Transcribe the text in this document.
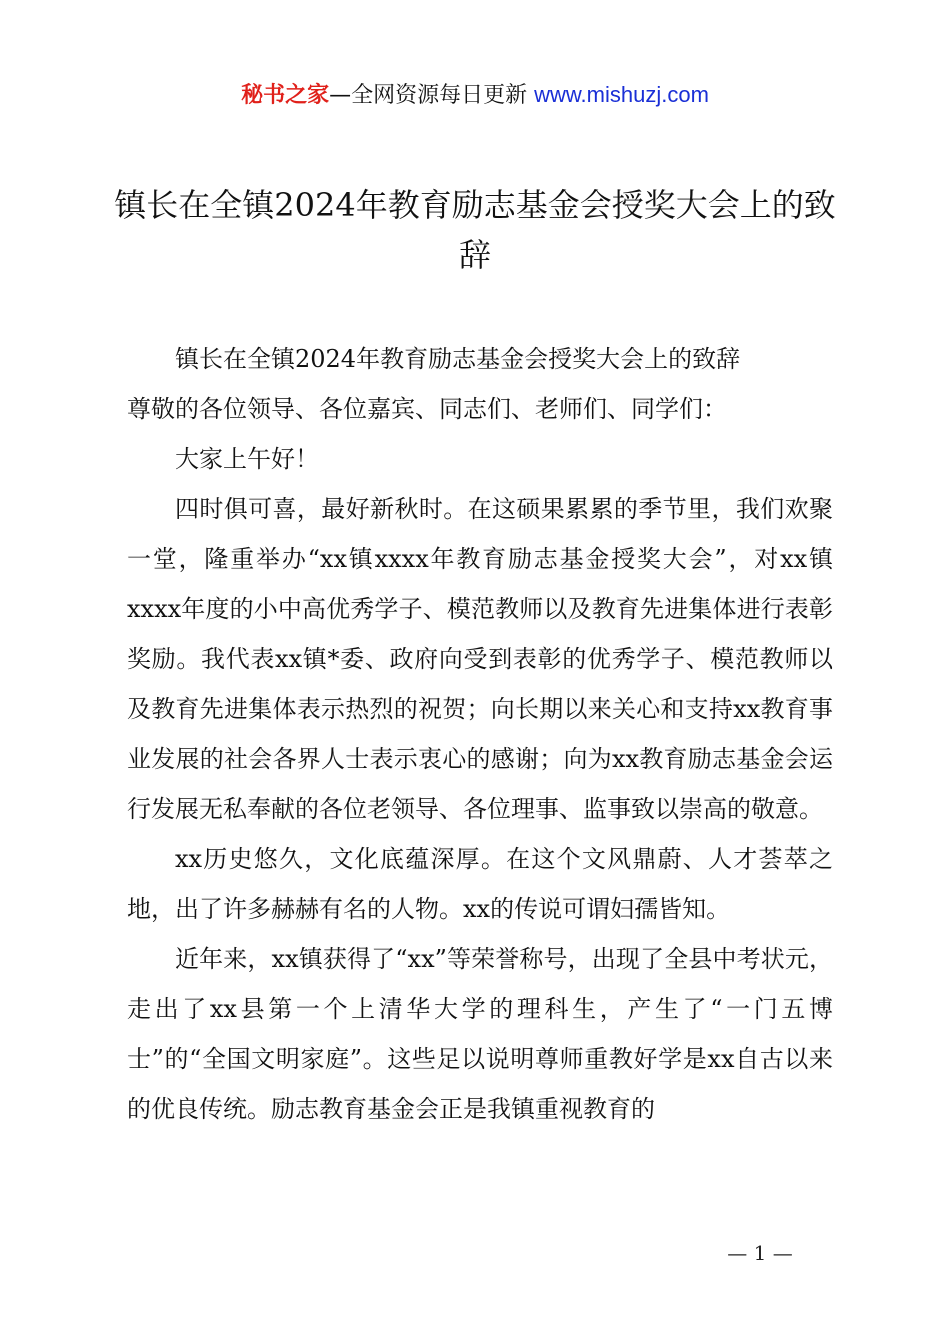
秘书之家—全网资源每日更新 www.mishuzj.com
镇长在全镇2024年教育励志基金会授奖大会上的致辞

镇长在全镇2024年教育励志基金会授奖大会上的致辞

尊敬的各位领导、各位嘉宾、同志们、老师们、同学们：

大家上午好！

四时俱可喜，最好新秋时。在这硕果累累的季节里，我们欢聚一堂，隆重举办“xx镇xxxx年教育励志基金授奖大会”，对xx镇xxxx年度的小中高优秀学子、模范教师以及教育先进集体进行表彰奖励。我代表xx镇*委、政府向受到表彰的优秀学子、模范教师以及教育先进集体表示热烈的祝贺；向长期以来关心和支持xx教育事业发展的社会各界人士表示衷心的感谢；向为xx教育励志基金会运行发展无私奉献的各位老领导、各位理事、监事致以崇高的敬意。

xx历史悠久，文化底蕴深厚。在这个文风鼎蔚、人才荟萃之地，出了许多赫赫有名的人物。xx的传说可谓妇孺皆知。

近年来，xx镇获得了“xx”等荣誉称号，出现了全县中考状元，走出了xx县第一个上清华大学的理科生，产生了“一门五博士”的“全国文明家庭”。这些足以说明尊师重教好学是xx自古以来的优良传统。励志教育基金会正是我镇重视教育的

— 1 —
